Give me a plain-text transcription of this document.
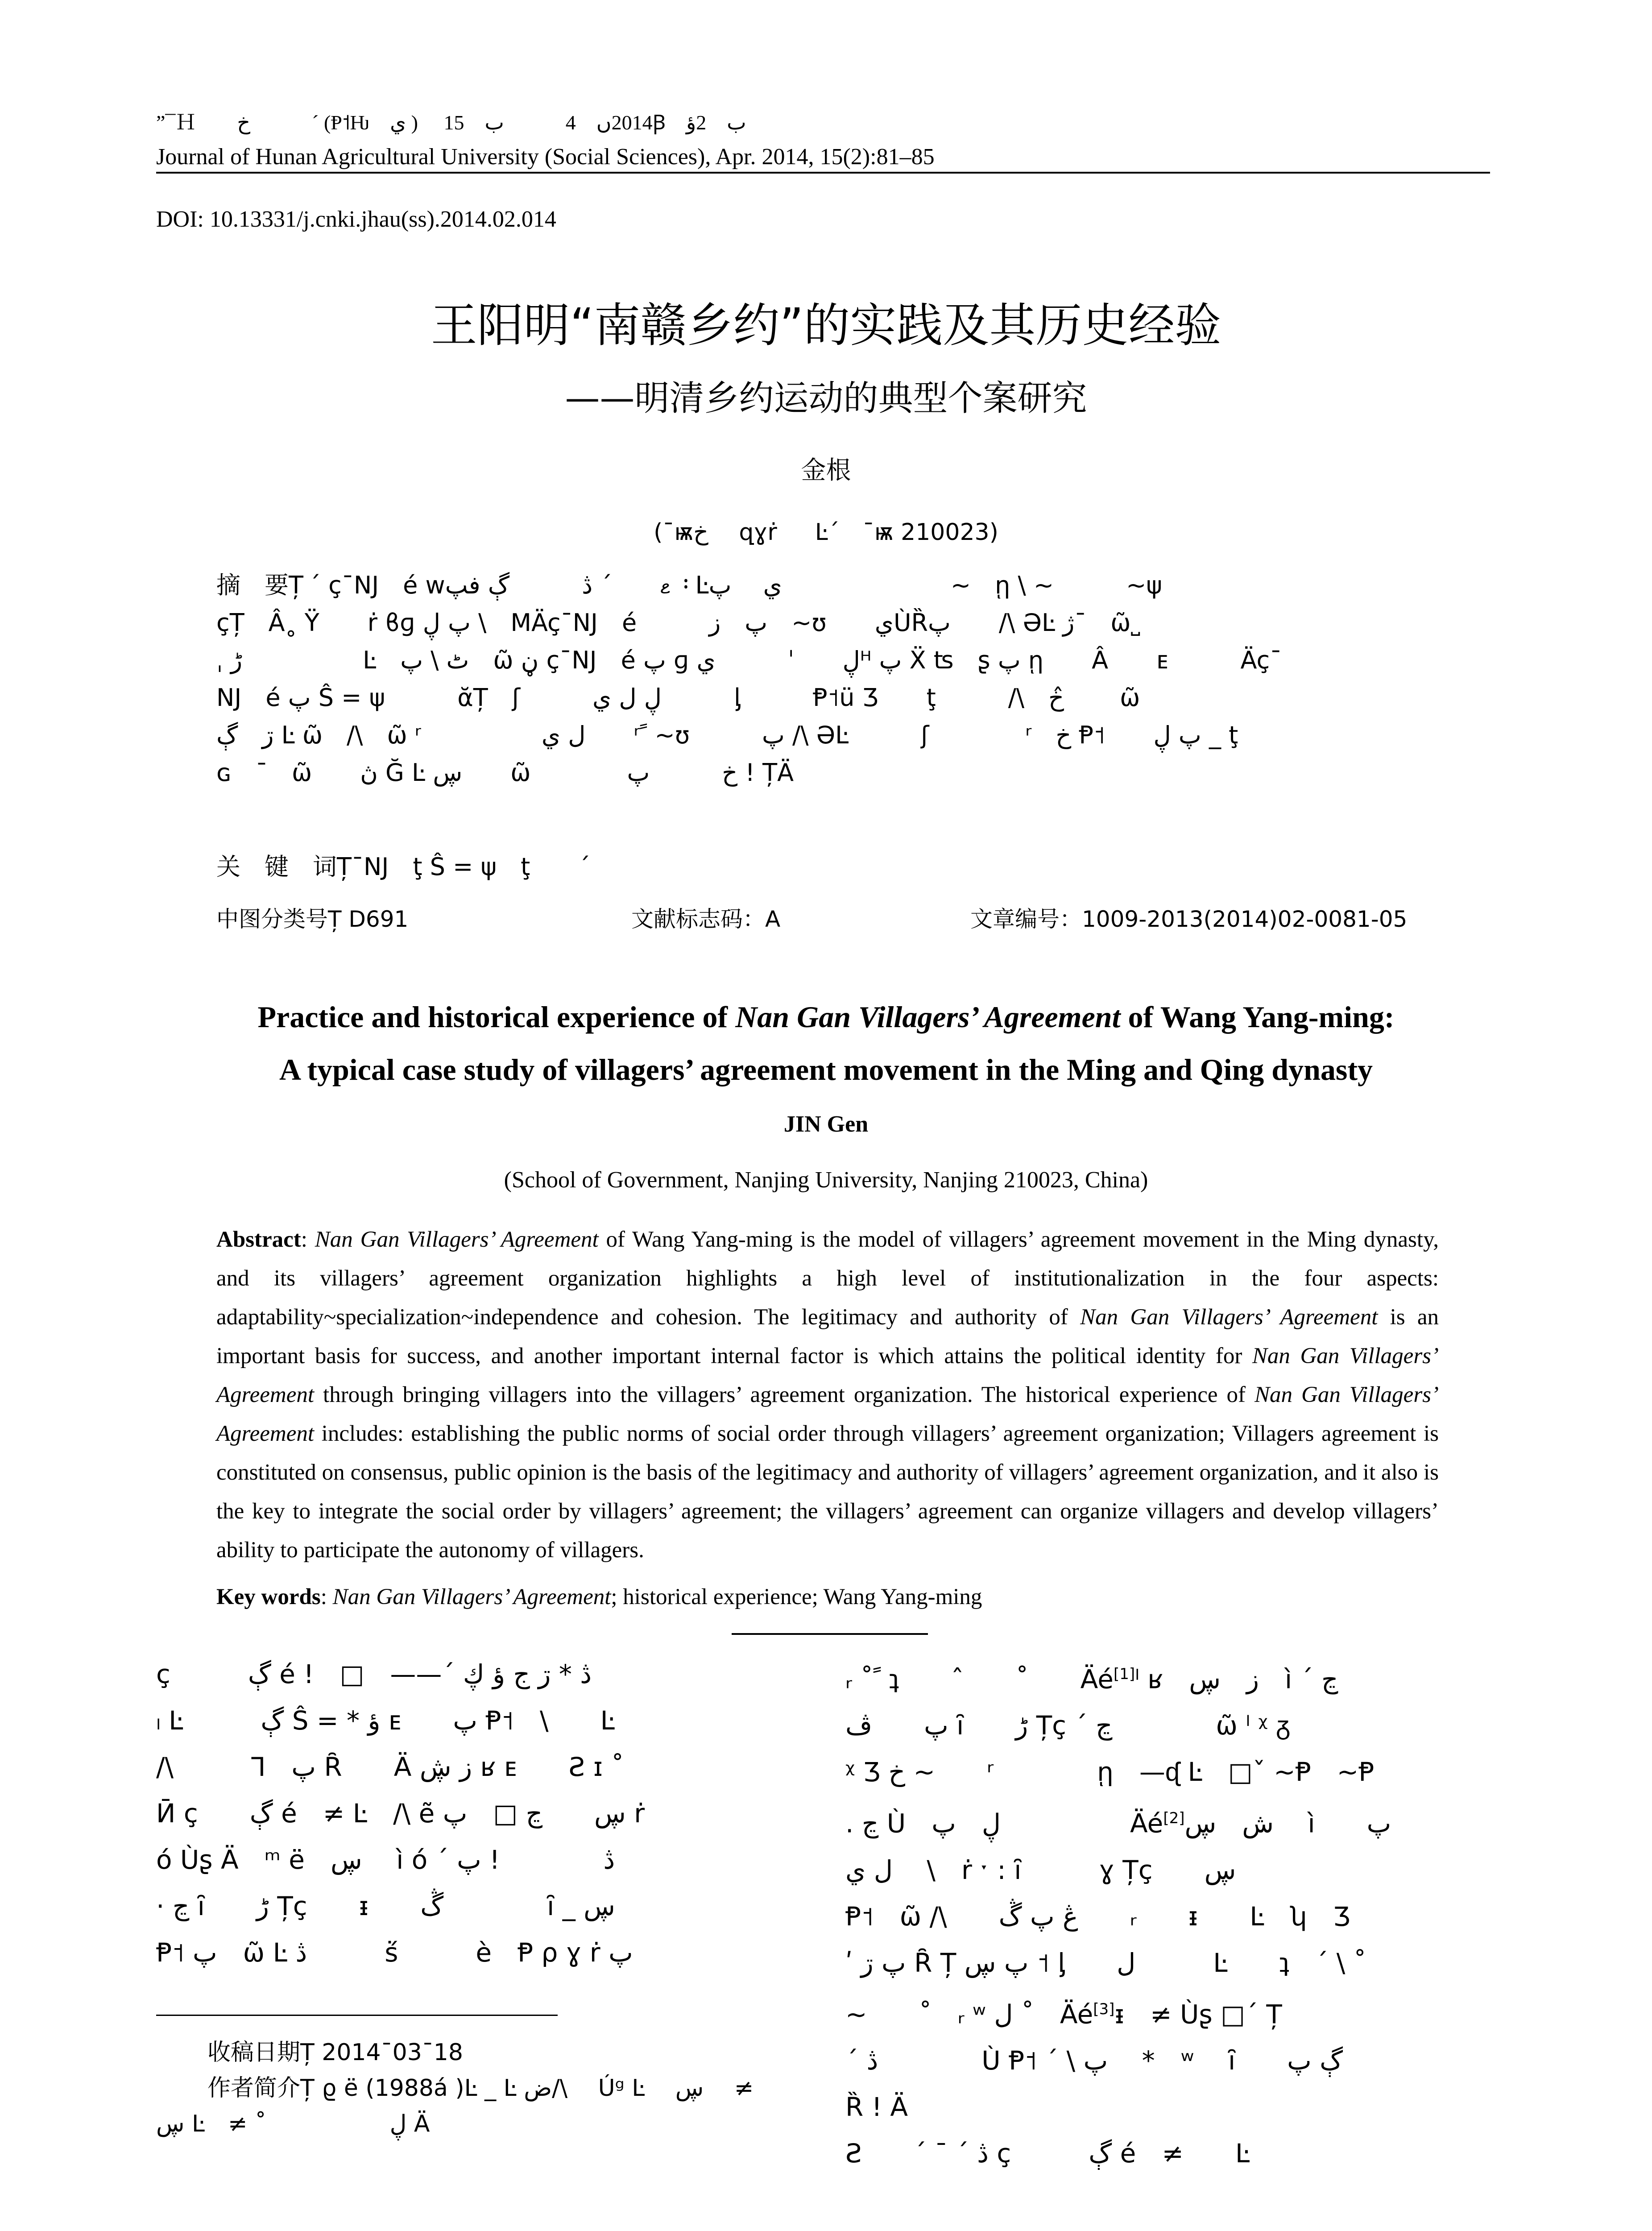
”¯Ｈ　　خ　　　ˊ (Ᵽ˦Ƕ　ي )　 2014ں　4　　　ب　15Ꞵ　ب　2ؤ
Journal of Hunan Agricultural University (Social Sciences), Apr. 2014, 15(2):81–85
DOI: 10.13331/j.cnki.jhau(ss).2014.02.014
王阳明“南赣乡约”的实践及其历史经验
——明清乡约运动的典型个案研究
金根
(¯ѭخ　 զɣṙ 　 Ŀˊ　¯ѭ 210023)
摘　要Ț ˊ ç¯NJ　é wޱ　　ˊ ڎ　　　ڳ ڧپ ᠄ Ŀي　 پ　　　　　　　~　ῃ \ ~　　　~ψ
çȚ　Â˳ Ÿ　　ṙ ϐɡ پ ڸ \　ⅯÄç¯NJ　é　　　پ　ز　~ʊ　　يÙȐپ　　/\ ƏĿ ژ¯　ῶ˽
ˌ ڑ　　　　　Ŀ　ٹ \ پ　ῶ ڼ ç¯NJ　é پ ɡ ڸ　　ˈ　　　يᴴ پ Ẍ ʦ　ʂ پ ῃ　　Â　　ᴇ　　　Äç¯
NJ　é پ Ŝ = ψ　　　ᾰȚ　ʃ　　　ڸ ل ي　　　ᶅ　　　Ᵽ˦ü Ʒ　　ţ　　　/\　خ ̂　　ῶ
ڗ　ڳ Ŀ ῶ　/\　ῶ ʳ　　　　　ل ي　　ʳ ً ~ʊ　　　پ /\ ƏĿ　　　ʃ　　　　ʳ　خ Ᵽ˦　　پ ڸ _ ţ
ɢ　¯　ῶ　　ڽ Ğ Ŀ ڛ　　ῶ　　　　خ　　　پ ! ȚÄ
关　键　词Ț¯NJ　ţ Ŝ = ψ　ţ　　ˊ
中图分类号Ț D691	文献标志码：A	文章编号：1009-2013(2014)02-0081-05
Practice and historical experience of Nan Gan Villagers’ Agreement of Wang Yang-ming:
A typical case study of villagers’ agreement movement in the Ming and Qing dynasty
JIN Gen
(School of Government, Nanjing University, Nanjing 210023, China)
Abstract: Nan Gan Villagers’ Agreement of Wang Yang-ming is the model of villagers’ agreement movement in the Ming dynasty, and its villagers’ agreement organization highlights a high level of institutionalization in the four aspects: adaptability~specialization~independence and cohesion. The legitimacy and authority of Nan Gan Villagers’ Agreement is an important basis for success, and another important internal factor is which attains the political identity for Nan Gan Villagers’ Agreement through bringing villagers into the villagers’ agreement organization. The historical experience of Nan Gan Villagers’ Agreement includes: establishing the public norms of social order through villagers’ agreement organization; Villagers agreement is constituted on consensus, public opinion is the basis of the legitimacy and authority of villagers’ agreement organization, and it also is the key to integrate the social order by villagers’ agreement; the villagers’ agreement can organize villagers and develop villagers’ ability to participate the autonomy of villagers.
Key words: Nan Gan Villagers’ Agreement; historical experience; Wang Yang-ming
ç　　　ڳ é !　□　——ˊ ڎ * ڗ ج ؤ ڮ
ₗ Ŀ　　　ڳ Ŝ = * ؤ ᴇ　　پ Ᵽ˦　\　　Ŀ
/\　　　Ꞁ　پ Ȓ　　Ä ز ڜ ʁ ᴇ　　Ƨ ɪ ˚
Ӣ ç　　ڳ é　≠ Ŀ　/\ ẽ ڛ　　ڃ □　پ ṙ
ó Ùʂ Ä　ᵐ ë　ڛ　 ì ó ˊ ڎ　　　　! پ
· ڃ ȋ　　ڑ Țç　　ᵻ　　ڴ　　　　ȋ _ ڛ
Ᵽ˦ پ　ῶ Ŀ ڎ　　　ṥ　　　è　Ᵽ ρ ɣ ṙ پ
ᵣ ˚ ً ʇ　　ˆ　　˚　　Äé[1]ˡ ʁ　ز　ڛ　ì ˊ ڃ
پ　　ڤ ȋ　　ڑ Țç ˊ ڃ　　　　ῶ ˡ ᵡ ᵹ
ᵡ Ʒ خ ~　　ʳ　　　　ῃ　—ᶑ Ŀ　□ˇ ~Ᵽ　~Ᵽ
. ڃ Ù　ڸ　پ　　　　　Äé[2]ش　ڛ　 ì　　پ
ل ي　 \　ṙ ˑ : ȋ　　　ɣ Țç　　ڛ
Ᵽ˦　ῶ /\　　ڠ پ ڴ　　ᵣ　　ᵻ　　Ŀ　ʮ　Ʒ
ʹ پ ڗ Ȓ Ț پ ڛ ˦ ᶅ　　ل　　　Ŀ　　ʇ　ˊ \ ˚
~　　˚　ᵣ ʷ ل ˚　Äé[3]ᵻ　≠ Ùʂ □ˊ Ț
ˊ ڎ　　　　Ù Ᵽ˦ ˊ \ پ　 *　ʷ　 ȋ　　ڳ پ
Ȑ ! Ä
Ƨ　　ˊ ˉ ˊ ڎ ç　　　ڳ é　≠　　Ŀ
收稿日期Ț 2014ˉ03ˉ18
作者简介Ț ϱ ë (1988á )Ŀ _ Ŀ ض/\　 Úᵍ Ŀ　 ڛ　 ≠
ڛ Ŀ　≠ ˚　　　　　 ڸ Ä
